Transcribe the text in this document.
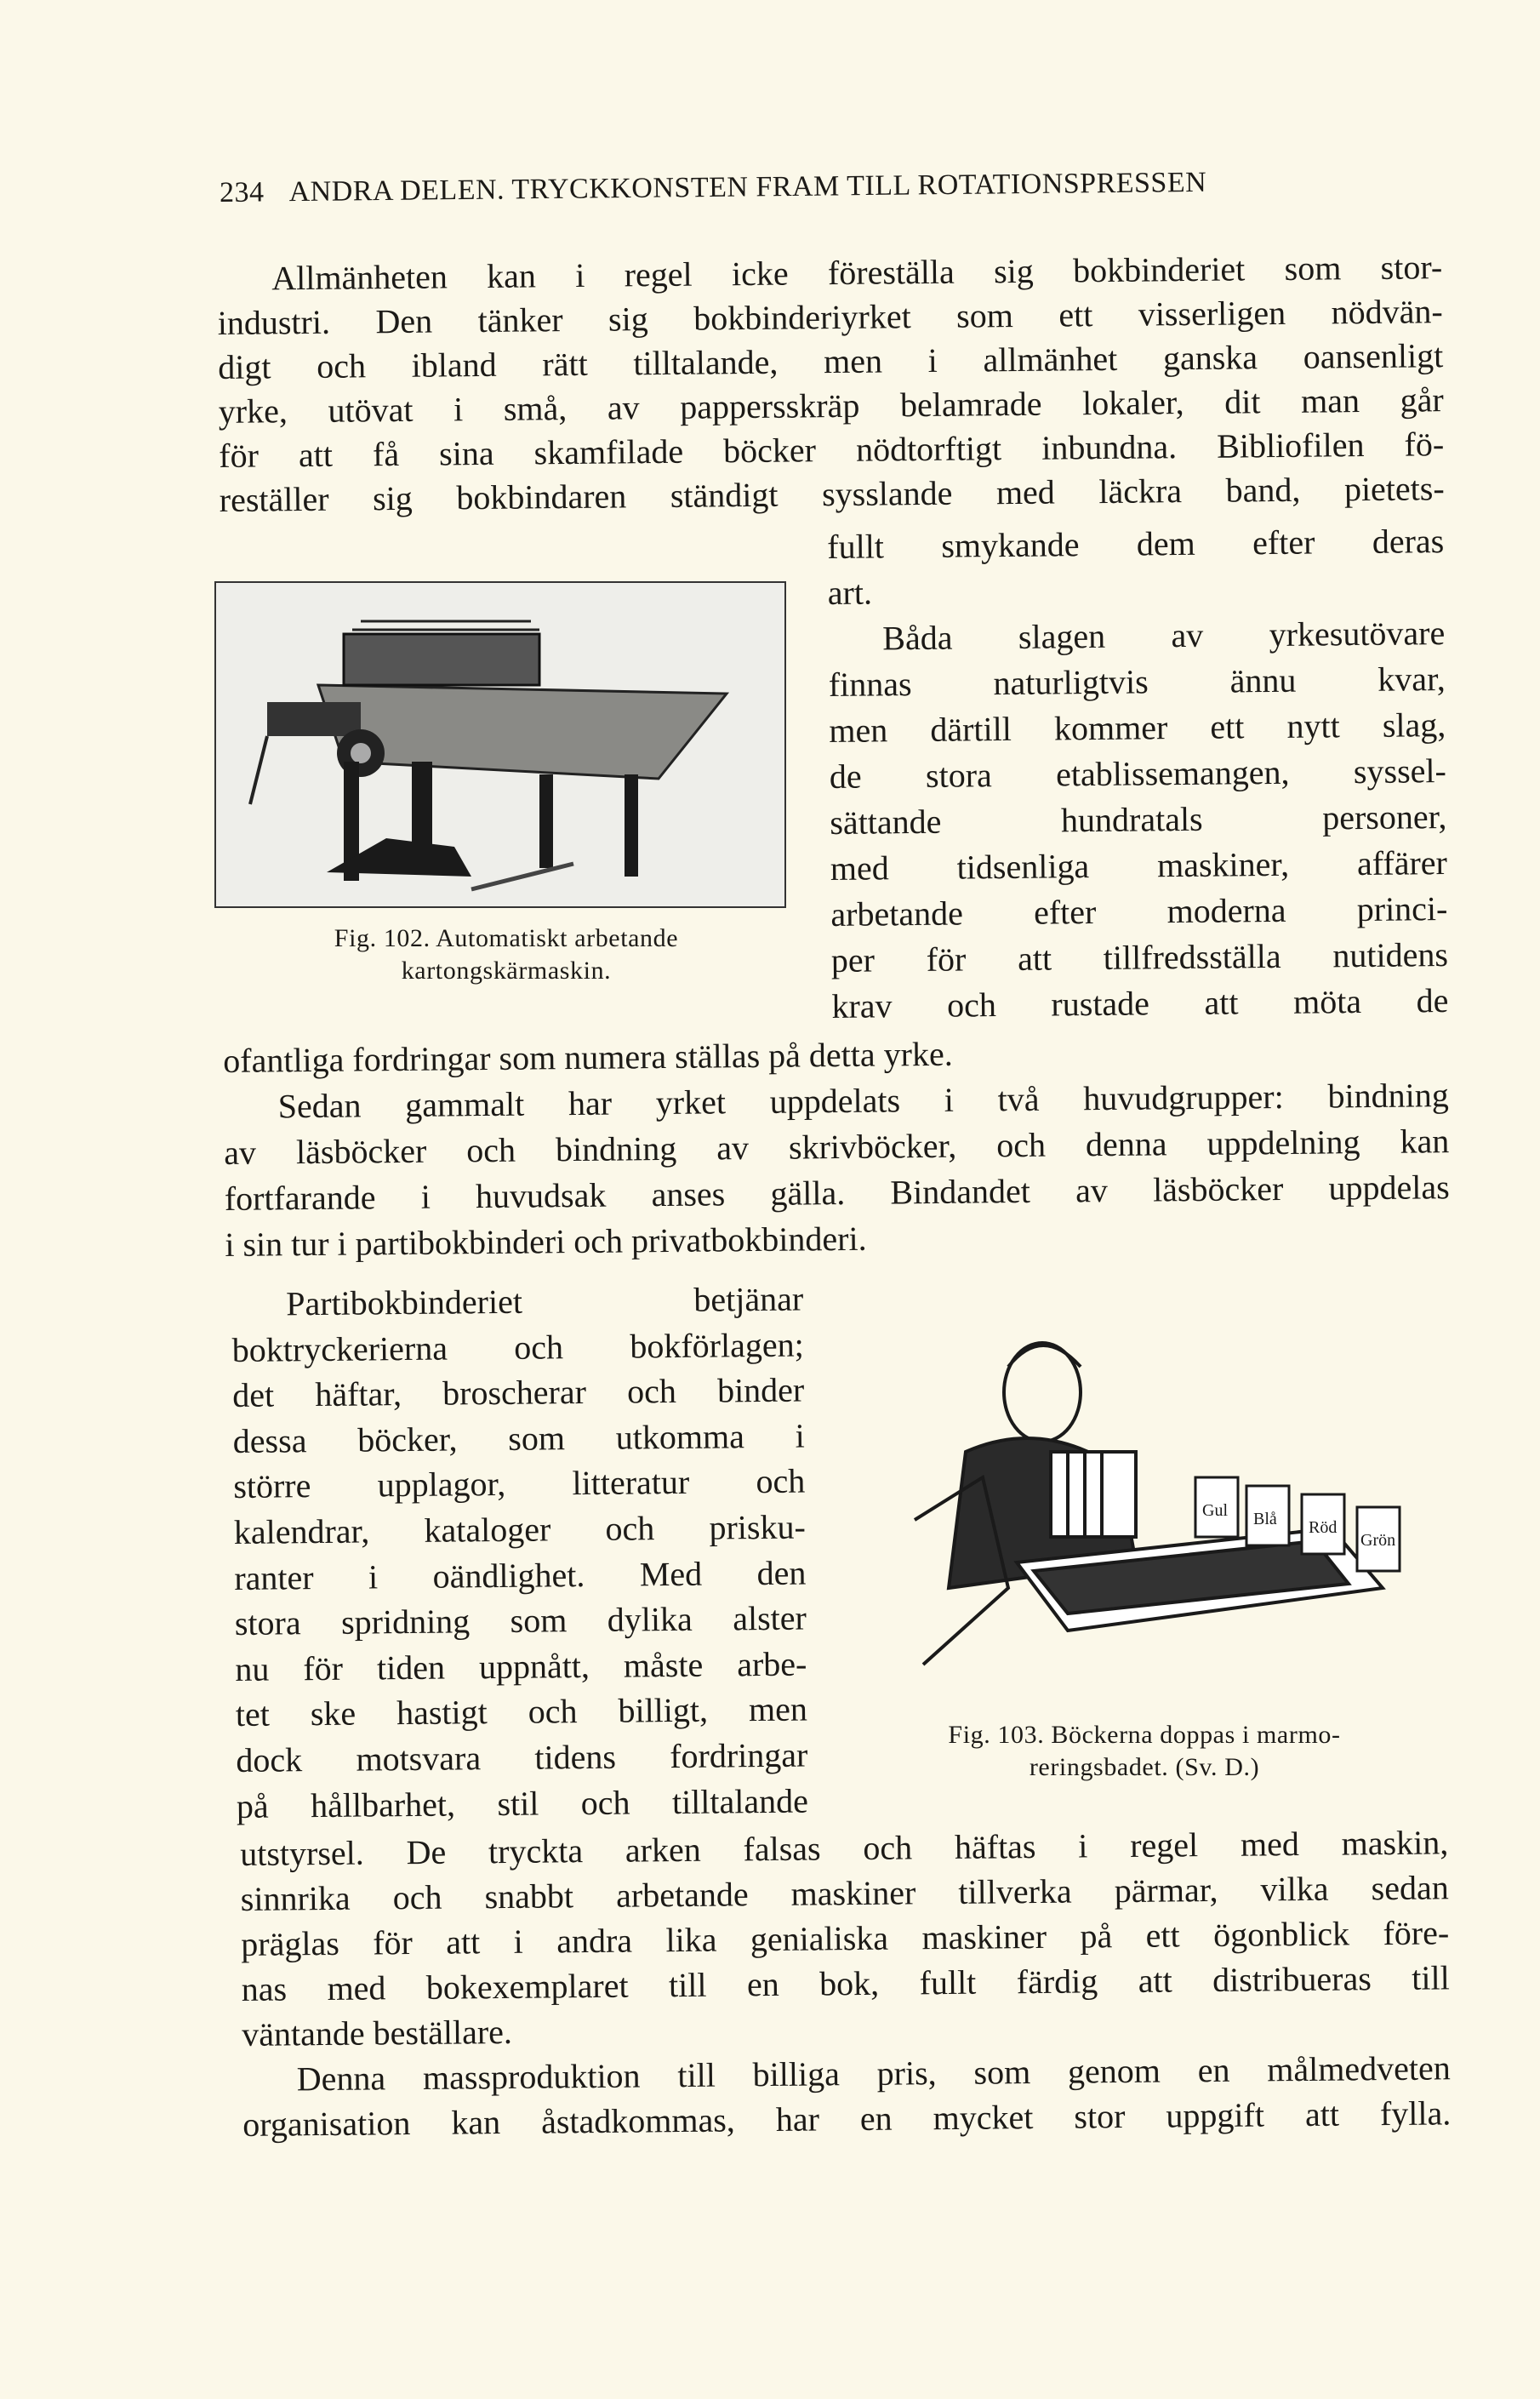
234 ANDRA DELEN. TRYCKKONSTEN FRAM TILL ROTATIONSPRESSEN
Allmänheten kan i regel icke föreställa sig bokbinderiet som stor-
industri. Den tänker sig bokbinderiyrket som ett visserligen nödvän-
digt och ibland rätt tilltalande, men i allmänhet ganska oansenligt
yrke, utövat i små, av pappersskräp belamrade lokaler, dit man går
för att få sina skamfilade böcker nödtorftigt inbundna. Bibliofilen fö-
reställer sig bokbindaren ständigt sysslande med läckra band, pietets-
Fig. 102. Automatiskt arbetande
kartongskärmaskin.
fullt smykande dem efter deras
art.
Båda slagen av yrkesutövare
finnas naturligtvis ännu kvar,
men därtill kommer ett nytt slag,
de stora etablissemangen, syssel-
sättande hundratals personer,
med tidsenliga maskiner, affärer
arbetande efter moderna princi-
per för att tillfredsställa nutidens
krav och rustade att möta de
ofantliga fordringar som numera ställas på detta yrke.
Sedan gammalt har yrket uppdelats i två huvudgrupper: bindning
av läsböcker och bindning av skrivböcker, och denna uppdelning kan
fortfarande i huvudsak anses gälla. Bindandet av läsböcker uppdelas
i sin tur i partibokbinderi och privatbokbinderi.
Partibokbinderiet betjänar
boktryckerierna och bokförlagen;
det häftar, broscherar och binder
dessa böcker, som utkomma i
större upplagor, litteratur och
kalendrar, kataloger och prisku-
ranter i oändlighet. Med den
stora spridning som dylika alster
nu för tiden uppnått, måste arbe-
tet ske hastigt och billigt, men
dock motsvara tidens fordringar
på hållbarhet, stil och tilltalande
Gul Blå Röd
Grön
Fig. 103. Böckerna doppas i marmo-
reringsbadet. (Sv. D.)
utstyrsel. De tryckta arken falsas och häftas i regel med maskin,
sinnrika och snabbt arbetande maskiner tillverka pärmar, vilka sedan
präglas för att i andra lika genialiska maskiner på ett ögonblick före-
nas med bokexemplaret till en bok, fullt färdig att distribueras till
väntande beställare.
Denna massproduktion till billiga pris, som genom en målmedveten
organisation kan åstadkommas, har en mycket stor uppgift att fylla.
